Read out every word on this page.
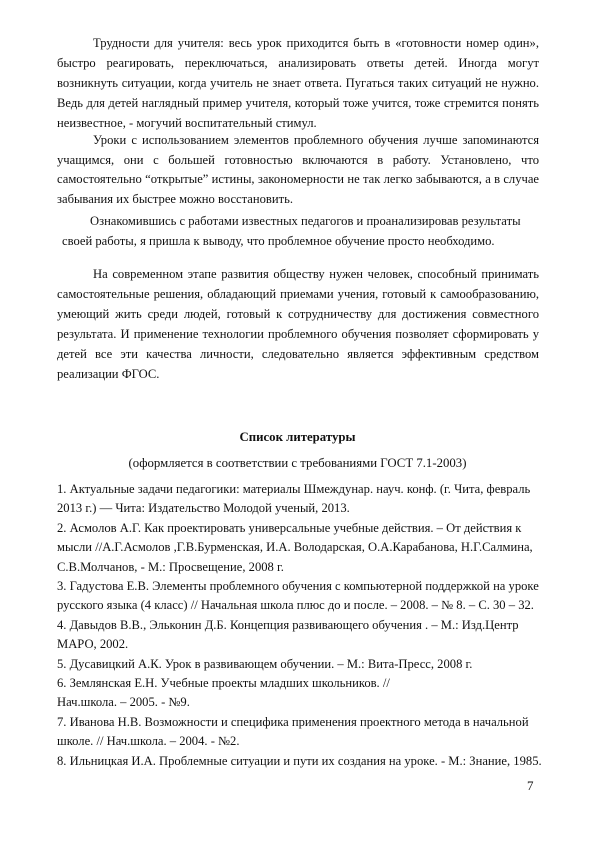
Трудности для учителя: весь урок приходится быть в «готовности номер один», быстро реагировать, переключаться, анализировать ответы детей. Иногда могут возникнуть ситуации, когда учитель не знает ответа. Пугаться таких ситуаций не нужно. Ведь для детей наглядный пример учителя, который тоже учится, тоже стремится понять неизвестное, - могучий воспитательный стимул.

Уроки с использованием элементов проблемного обучения лучше запоминаются учащимся, они с большей готовностью включаются в работу. Установлено, что самостоятельно “открытые” истины, закономерности не так легко забываются, а в случае забывания их быстрее можно восстановить.

Ознакомившись с работами известных педагогов и проанализировав результаты своей работы, я пришла к выводу, что проблемное обучение просто необходимо.

На современном этапе развития обществу нужен человек, способный принимать самостоятельные решения, обладающий приемами учения, готовый к самообразованию, умеющий жить среди людей, готовый к сотрудничеству для достижения совместного результата. И применение технологии проблемного обучения позволяет сформировать у детей все эти качества личности, следовательно является эффективным средством реализации ФГОС.

Список литературы

(оформляется в соответствии с требованиями ГОСТ 7.1-2003)

1. Актуальные задачи педагогики: материалы Шмеждунар. науч. конф. (г. Чита, февраль 2013 г.) — Чита: Издательство Молодой ученый, 2013.
2. Асмолов А.Г. Как проектировать универсальные учебные действия. – От действия к мысли //А.Г.Асмолов ,Г.В.Бурменская, И.А. Володарская, О.А.Карабанова, Н.Г.Салмина, С.В.Молчанов, - М.: Просвещение, 2008 г.
3. Гадустова Е.В. Элементы проблемного обучения с компьютерной поддержкой на уроке русского языка (4 класс) // Начальная школа плюс до и после. – 2008. – № 8. – С. 30 – 32.
4. Давыдов В.В., Эльконин Д.Б. Концепция развивающего обучения . – М.: Изд.Центр МАРО, 2002.
5. Дусавицкий А.К. Урок в развивающем обучении. – М.: Вита-Пресс, 2008 г.
6. Землянская Е.Н. Учебные проекты младших школьников. //
Нач.школа. – 2005. - №9.
7. Иванова Н.В. Возможности и специфика применения проектного метода в начальной школе. // Нач.школа. – 2004. - №2.
8. Ильницкая И.А. Проблемные ситуации и пути их создания на уроке. - М.: Знание, 1985.
7
